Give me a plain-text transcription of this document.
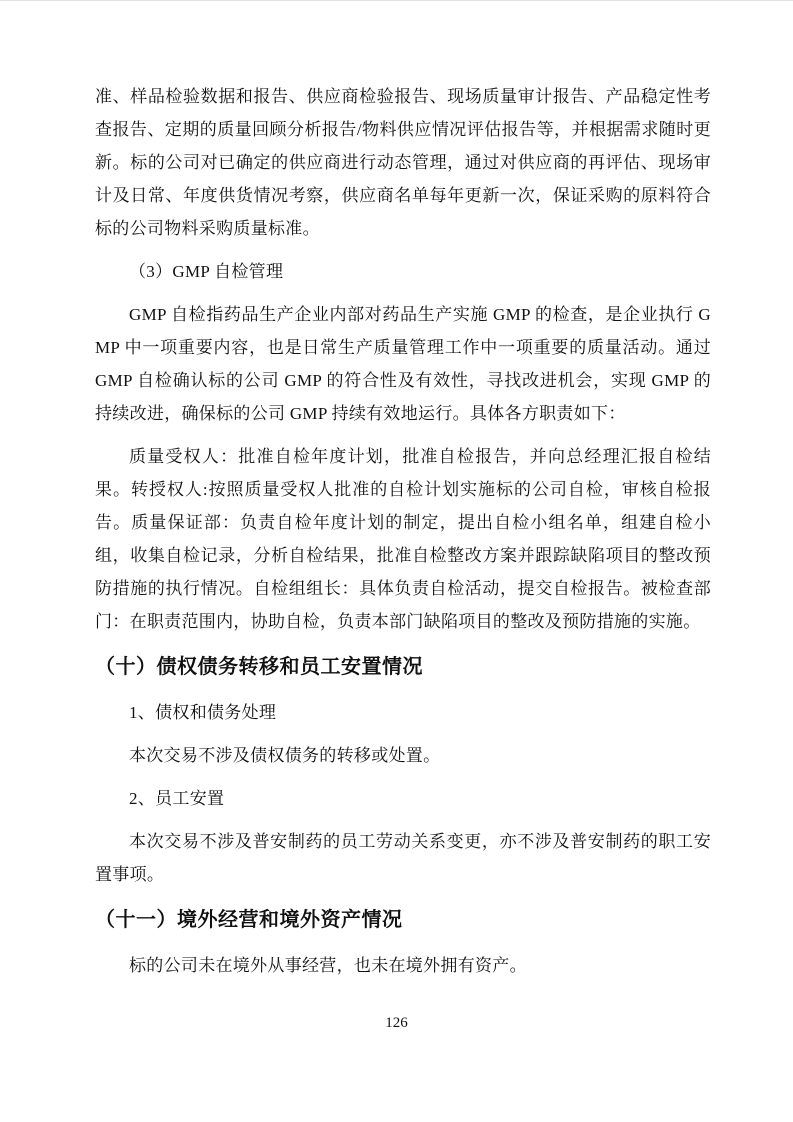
准、样品检验数据和报告、供应商检验报告、现场质量审计报告、产品稳定性考查报告、定期的质量回顾分析报告/物料供应情况评估报告等，并根据需求随时更新。标的公司对已确定的供应商进行动态管理，通过对供应商的再评估、现场审计及日常、年度供货情况考察，供应商名单每年更新一次，保证采购的原料符合标的公司物料采购质量标准。

（3）GMP 自检管理

GMP 自检指药品生产企业内部对药品生产实施 GMP 的检查，是企业执行 GMP 中一项重要内容，也是日常生产质量管理工作中一项重要的质量活动。通过 GMP 自检确认标的公司 GMP 的符合性及有效性，寻找改进机会，实现 GMP 的持续改进，确保标的公司 GMP 持续有效地运行。具体各方职责如下：

质量受权人：批准自检年度计划，批准自检报告，并向总经理汇报自检结果。转授权人:按照质量受权人批准的自检计划实施标的公司自检，审核自检报告。质量保证部：负责自检年度计划的制定，提出自检小组名单，组建自检小组，收集自检记录，分析自检结果，批准自检整改方案并跟踪缺陷项目的整改预防措施的执行情况。自检组组长：具体负责自检活动，提交自检报告。被检查部门：在职责范围内，协助自检，负责本部门缺陷项目的整改及预防措施的实施。

（十）债权债务转移和员工安置情况

1、债权和债务处理

本次交易不涉及债权债务的转移或处置。

2、员工安置

本次交易不涉及普安制药的员工劳动关系变更，亦不涉及普安制药的职工安置事项。

（十一）境外经营和境外资产情况

标的公司未在境外从事经营，也未在境外拥有资产。

126
